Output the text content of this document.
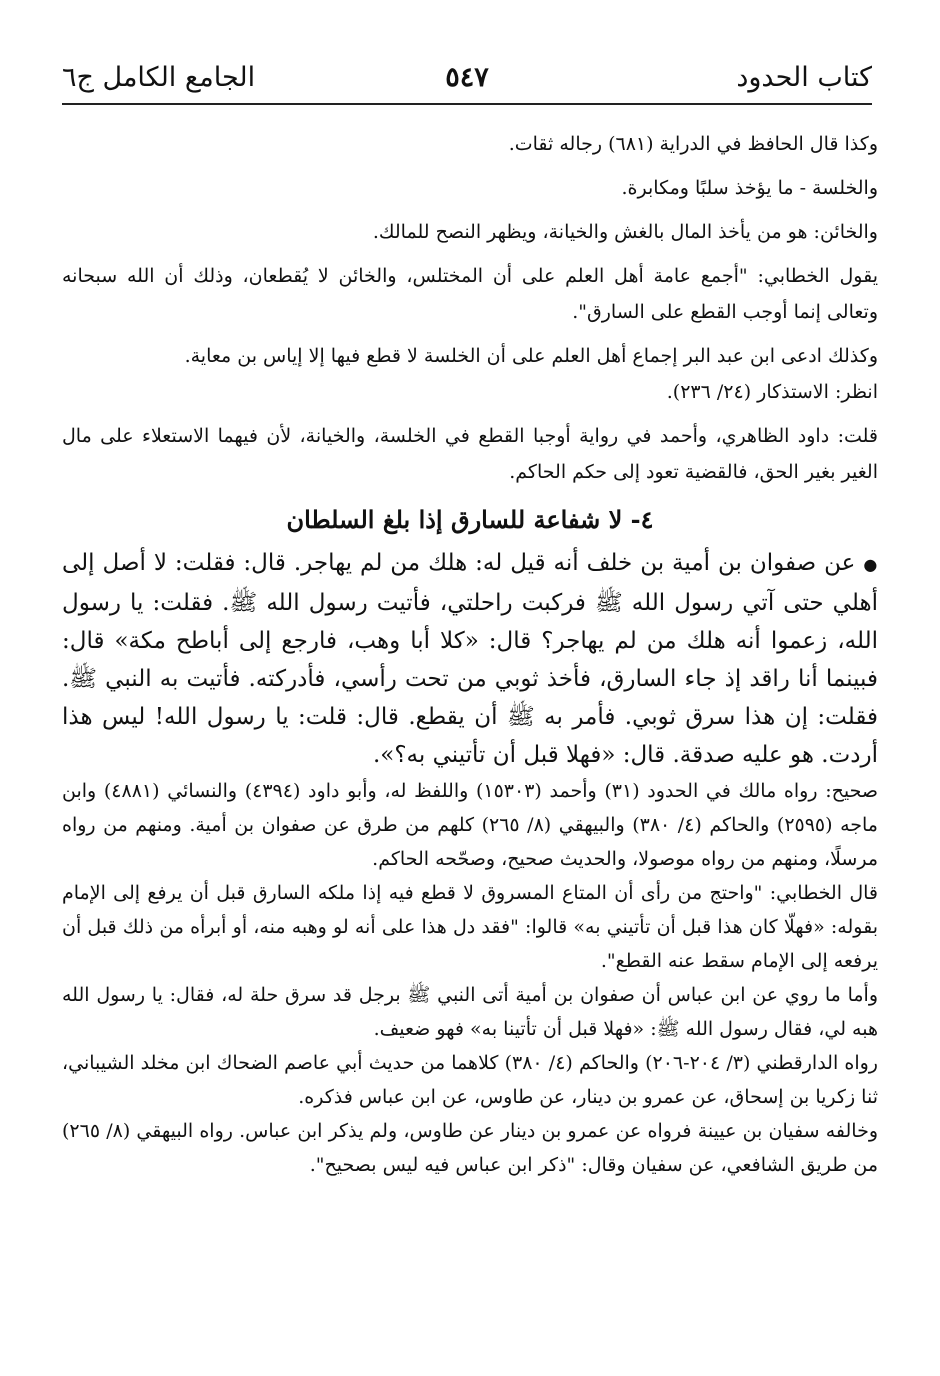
كتاب الحدود
٥٤٧
الجامع الكامل ج٦

وكذا قال الحافظ في الدراية (٦٨١) رجاله ثقات.

والخلسة - ما يؤخذ سلبًا ومكابرة.

والخائن: هو من يأخذ المال بالغش والخيانة، ويظهر النصح للمالك.

يقول الخطابي: "أجمع عامة أهل العلم على أن المختلس، والخائن لا يُقطعان، وذلك أن الله سبحانه وتعالى إنما أوجب القطع على السارق".

وكذلك ادعى ابن عبد البر إجماع أهل العلم على أن الخلسة لا قطع فيها إلا إياس بن معاية.

انظر: الاستذكار (٢٤/ ٢٣٦).

قلت: داود الظاهري، وأحمد في رواية أوجبا القطع في الخلسة، والخيانة، لأن فيهما الاستعلاء على مال الغير بغير الحق، فالقضية تعود إلى حكم الحاكم.

٤- لا شفاعة للسارق إذا بلغ السلطان

●عن صفوان بن أمية بن خلف أنه قيل له: هلك من لم يهاجر. قال: فقلت: لا أصل إلى أهلي حتى آتي رسول الله ﷺ فركبت راحلتي، فأتيت رسول الله ﷺ. فقلت: يا رسول الله، زعموا أنه هلك من لم يهاجر؟ قال: «كلا أبا وهب، فارجع إلى أباطح مكة» قال: فبينما أنا راقد إذ جاء السارق، فأخذ ثوبي من تحت رأسي، فأدركته. فأتيت به النبي ﷺ. فقلت: إن هذا سرق ثوبي. فأمر به ﷺ أن يقطع. قال: قلت: يا رسول الله! ليس هذا أردت. هو عليه صدقة. قال: «فهلا قبل أن تأتيني به؟».

صحيح: رواه مالك في الحدود (٣١) وأحمد (١٥٣٠٣) واللفظ له، وأبو داود (٤٣٩٤) والنسائي (٤٨٨١) وابن ماجه (٢٥٩٥) والحاكم (٤/ ٣٨٠) والبيهقي (٨/ ٢٦٥) كلهم من طرق عن صفوان بن أمية. ومنهم من رواه مرسلًا، ومنهم من رواه موصولا، والحديث صحيح، وصحّحه الحاكم.

قال الخطابي: "واحتج من رأى أن المتاع المسروق لا قطع فيه إذا ملكه السارق قبل أن يرفع إلى الإمام بقوله: «فهلّا كان هذا قبل أن تأتيني به» قالوا: "فقد دل هذا على أنه لو وهبه منه، أو أبرأه من ذلك قبل أن يرفعه إلى الإمام سقط عنه القطع".

وأما ما روي عن ابن عباس أن صفوان بن أمية أتى النبي ﷺ برجل قد سرق حلة له، فقال: يا رسول الله هبه لي، فقال رسول الله ﷺ: «فهلا قبل أن تأتينا به» فهو ضعيف.

رواه الدارقطني (٣/ ٢٠٤-٢٠٦) والحاكم (٤/ ٣٨٠) كلاهما من حديث أبي عاصم الضحاك ابن مخلد الشيباني، ثنا زكريا بن إسحاق، عن عمرو بن دينار، عن طاوس، عن ابن عباس فذكره.

وخالفه سفيان بن عيينة فرواه عن عمرو بن دينار عن طاوس، ولم يذكر ابن عباس. رواه البيهقي (٨/ ٢٦٥) من طريق الشافعي، عن سفيان وقال: "ذكر ابن عباس فيه ليس بصحيح".
